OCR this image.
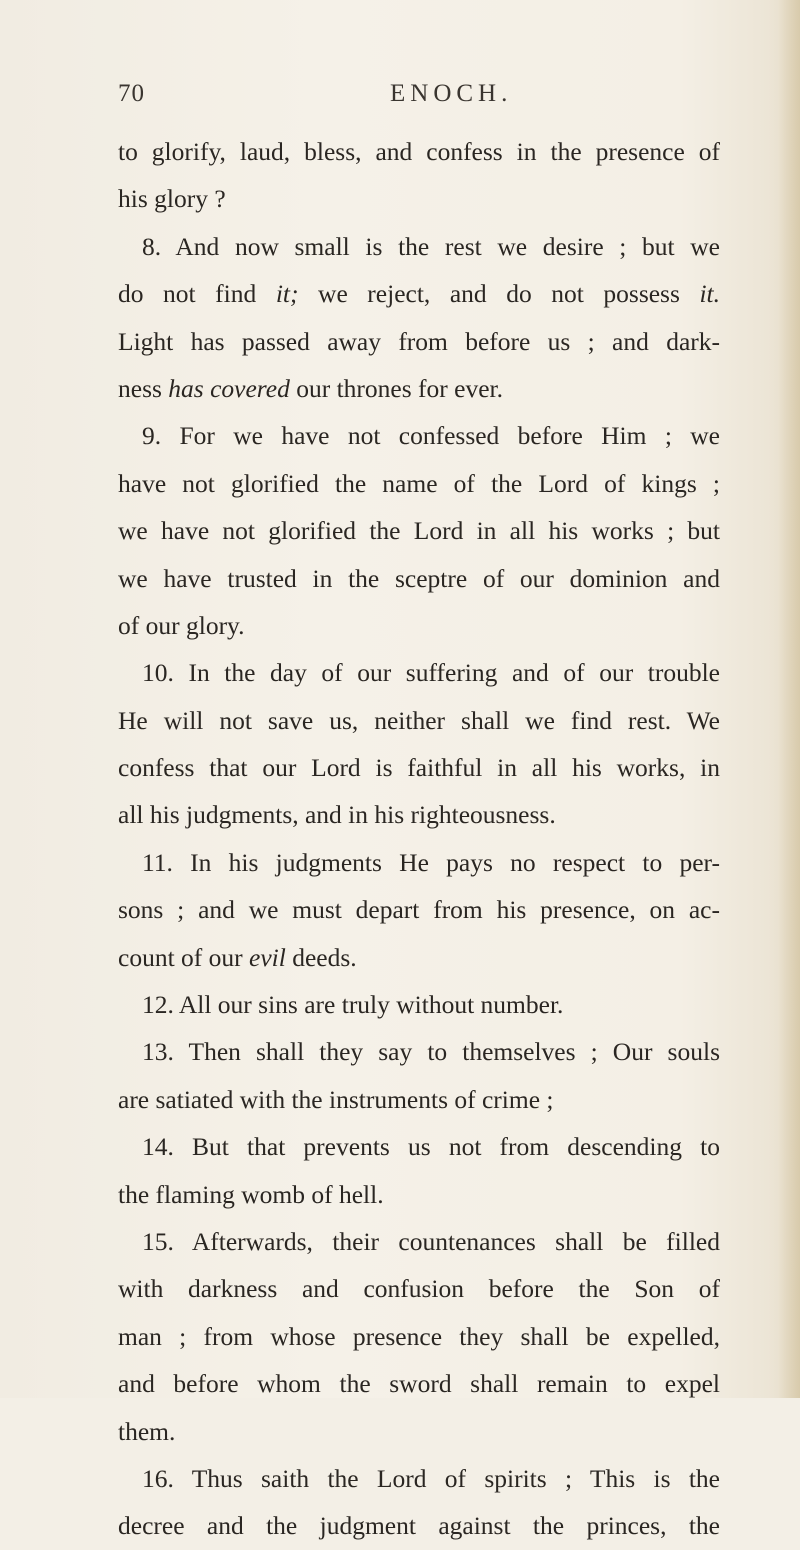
70	ENOCH.
to glorify, laud, bless, and confess in the presence of
his glory ?
8. And now small is the rest we desire ; but we
do not find it; we reject, and do not possess it.
Light has passed away from before us ; and dark-
ness has covered our thrones for ever.
9. For we have not confessed before Him ; we
have not glorified the name of the Lord of kings ;
we have not glorified the Lord in all his works ; but
we have trusted in the sceptre of our dominion and
of our glory.
10. In the day of our suffering and of our trouble
He will not save us, neither shall we find rest. We
confess that our Lord is faithful in all his works, in
all his judgments, and in his righteousness.
11. In his judgments He pays no respect to per-
sons ; and we must depart from his presence, on ac-
count of our evil deeds.
12. All our sins are truly without number.
13. Then shall they say to themselves ; Our souls
are satiated with the instruments of crime ;
14. But that prevents us not from descending to
the flaming womb of hell.
15. Afterwards, their countenances shall be filled
with darkness and confusion before the Son of
man ; from whose presence they shall be expelled,
and before whom the sword shall remain to expel
them.
16. Thus saith the Lord of spirits ; This is the
decree and the judgment against the princes, the
